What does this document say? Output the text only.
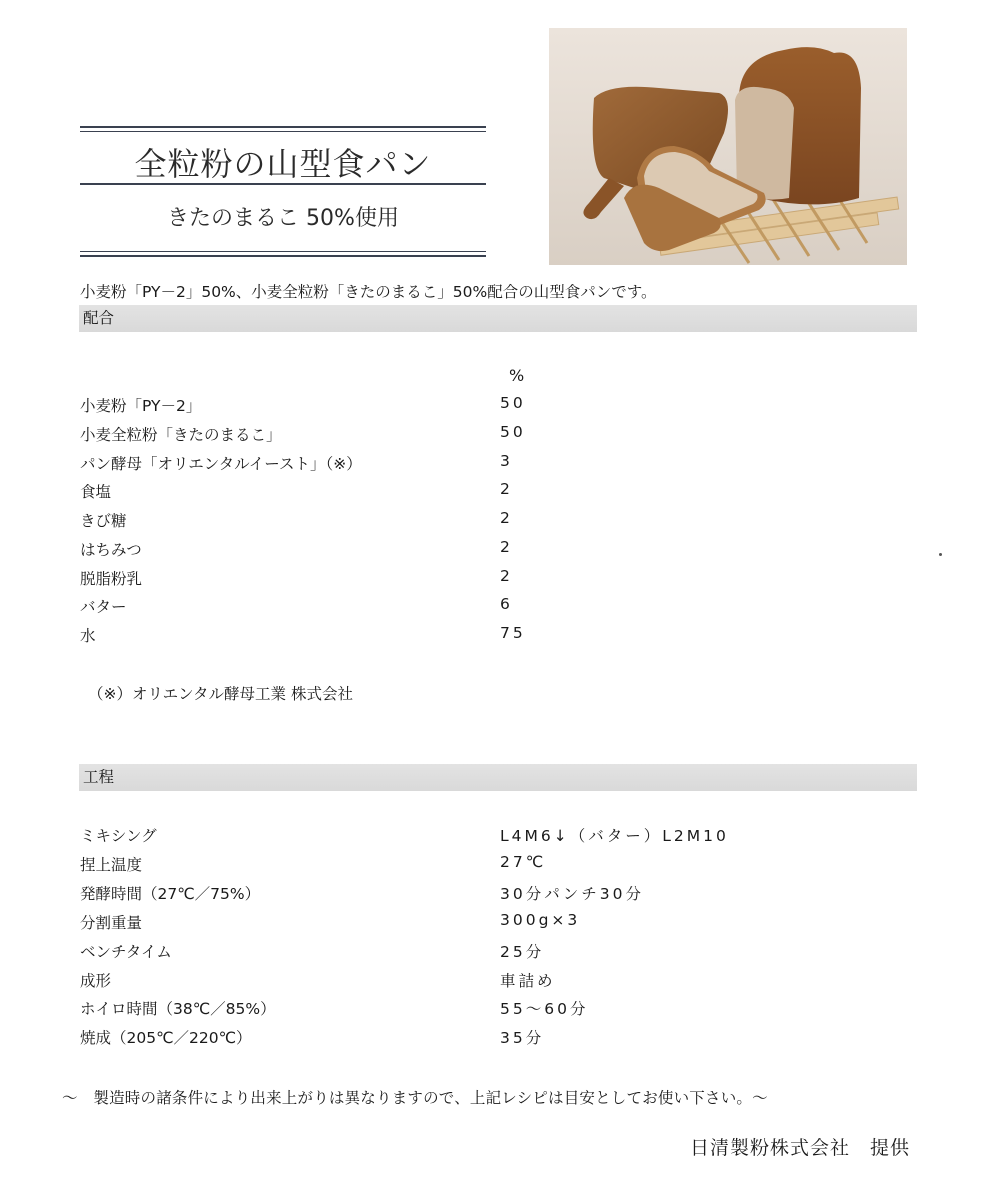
全粒粉の山型食パン
きたのまるこ 50%使用
小麦粉「PY－2」50%、小麦全粒粉「きたのまるこ」50%配合の山型食パンです。
配合
%
小麦粉「PY－2」	50
小麦全粒粉「きたのまるこ」	50
パン酵母「オリエンタルイースト」（※）	3
食塩	2
きび糖	2
はちみつ	2
脱脂粉乳	2
バター	6
水	75
（※）オリエンタル酵母工業 株式会社
工程
ミキシング	L4M6↓（バター）L2M10
捏上温度	27℃
発酵時間（27℃／75%）	30分パンチ30分
分割重量	300g×3
ベンチタイム	25分
成形	車詰め
ホイロ時間（38℃／85%）	55～60分
焼成（205℃／220℃）	35分
～　製造時の諸条件により出来上がりは異なりますので、上記レシピは目安としてお使い下さい。～
日清製粉株式会社　提供
